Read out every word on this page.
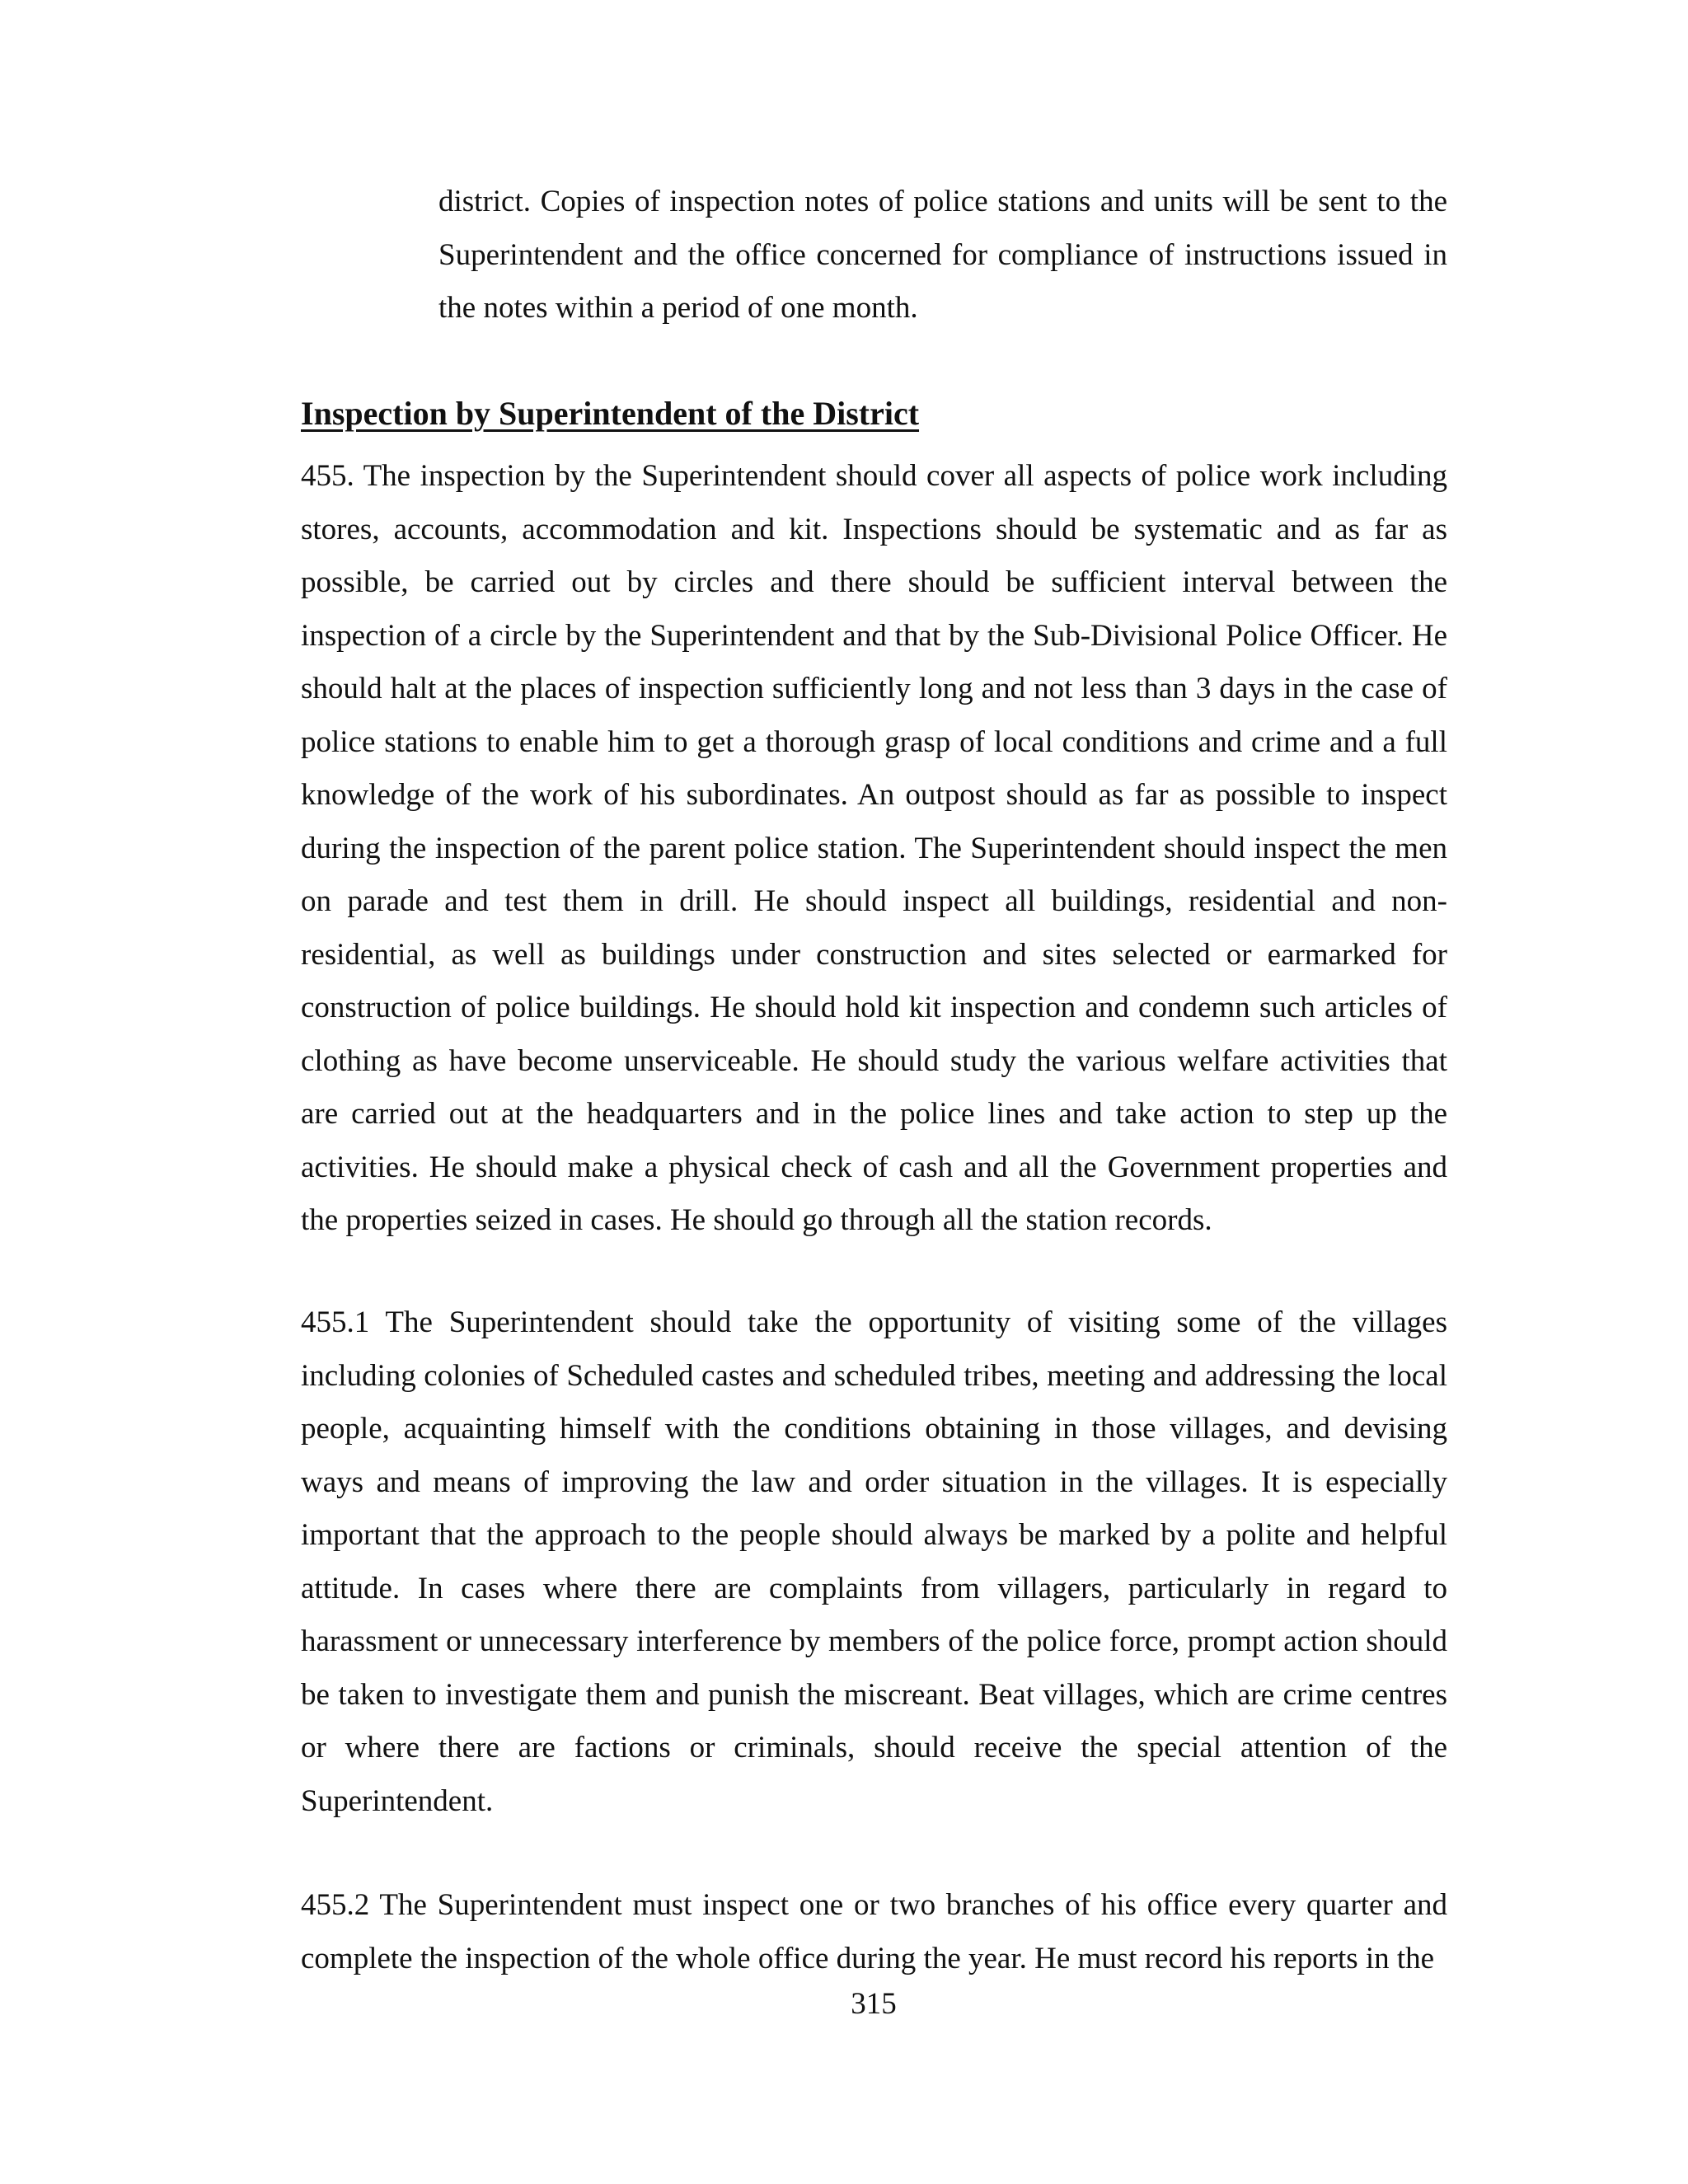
district. Copies of inspection notes of police stations and units will be sent to the Superintendent and the office concerned for compliance of instructions issued in the notes within a period of one month.

Inspection by Superintendent of the District

455. The inspection by the Superintendent should cover all aspects of police work including stores, accounts, accommodation and kit. Inspections should be systematic and as far as possible, be carried out by circles and there should be sufficient interval between the inspection of a circle by the Superintendent and that by the Sub-Divisional Police Officer. He should halt at the places of inspection sufficiently long and not less than 3 days in the case of police stations to enable him to get a thorough grasp of local conditions and crime and a full knowledge of the work of his subordinates. An outpost should as far as possible to inspect during the inspection of the parent police station. The Superintendent should inspect the men on parade and test them in drill. He should inspect all buildings, residential and non-residential, as well as buildings under construction and sites selected or earmarked for construction of police buildings. He should hold kit inspection and condemn such articles of clothing as have become unserviceable. He should study the various welfare activities that are carried out at the headquarters and in the police lines and take action to step up the activities. He should make a physical check of cash and all the Government properties and the properties seized in cases. He should go through all the station records.

455.1 The Superintendent should take the opportunity of visiting some of the villages including colonies of Scheduled castes and scheduled tribes, meeting and addressing the local people, acquainting himself with the conditions obtaining in those villages, and devising ways and means of improving the law and order situation in the villages. It is especially important that the approach to the people should always be marked by a polite and helpful attitude. In cases where there are complaints from villagers, particularly in regard to harassment or unnecessary interference by members of the police force, prompt action should be taken to investigate them and punish the miscreant. Beat villages, which are crime centres or where there are factions or criminals, should receive the special attention of the Superintendent.

455.2 The Superintendent must inspect one or two branches of his office every quarter and complete the inspection of the whole office during the year. He must record his reports in the

315
